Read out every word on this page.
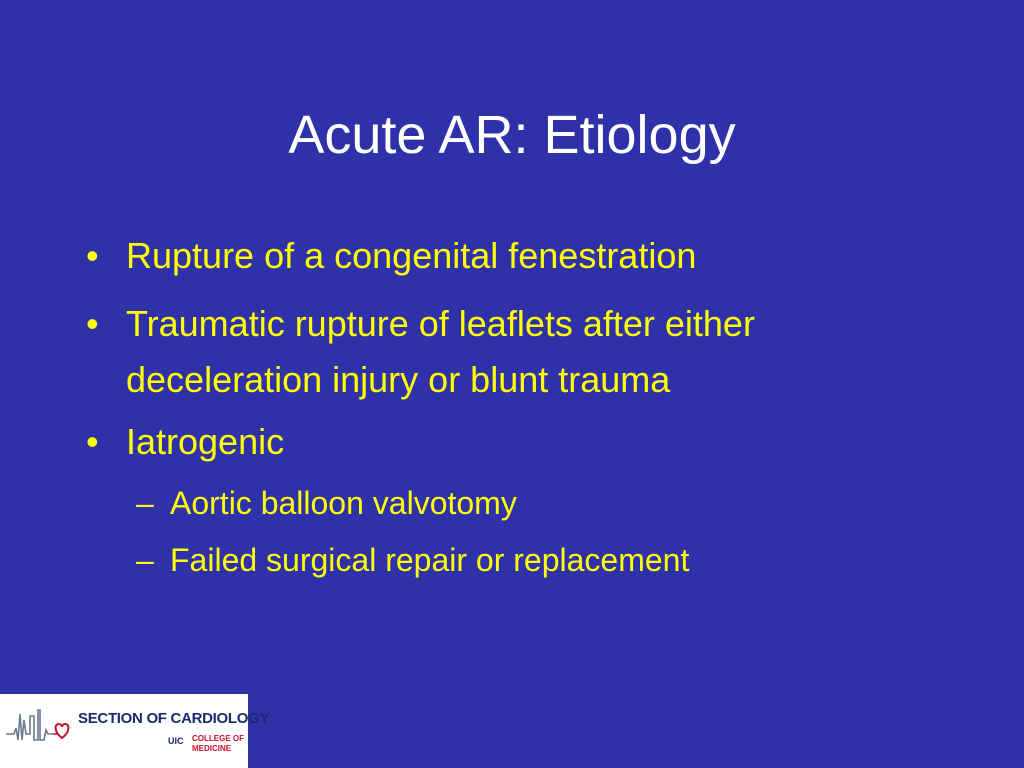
Acute AR: Etiology
• Rupture of a congenital fenestration
• Traumatic rupture of leaflets after either
deceleration injury or blunt trauma
• Iatrogenic
– Aortic balloon valvotomy
– Failed surgical repair or replacement
SECTION OF CARDIOLOGY
UIC COLLEGE OF
MEDICINE
